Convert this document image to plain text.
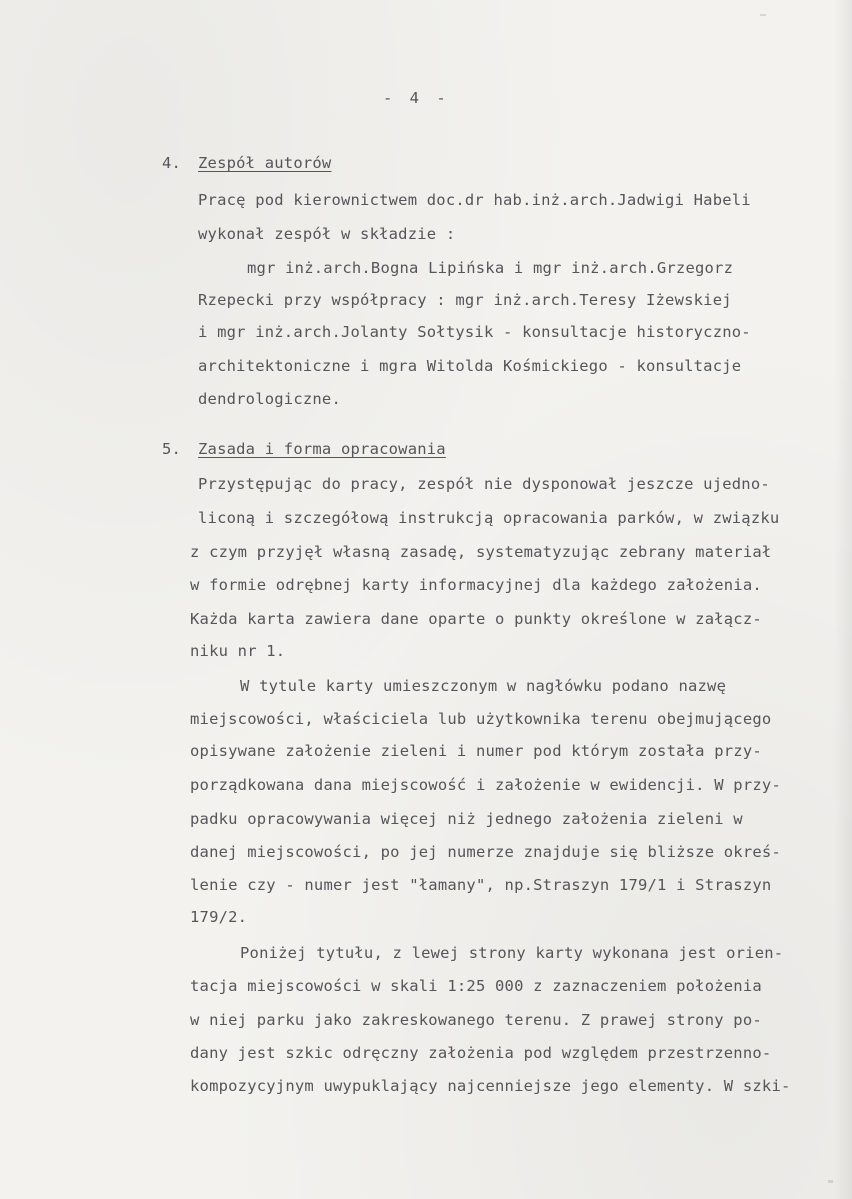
- 4 -
4. Zespół autorów
Pracę pod kierownictwem doc.dr hab.inż.arch.Jadwigi Habeli
wykonał zespół w składzie :
mgr inż.arch.Bogna Lipińska i mgr inż.arch.Grzegorz
Rzepecki przy współpracy : mgr inż.arch.Teresy Iżewskiej
i mgr inż.arch.Jolanty Sołtysik - konsultacje historyczno-
architektoniczne i mgra Witolda Kośmickiego - konsultacje
dendrologiczne.
5. Zasada i forma opracowania
Przystępując do pracy, zespół nie dysponował jeszcze ujedno-
liconą i szczegółową instrukcją opracowania parków, w związku
z czym przyjęł własną zasadę, systematyzując zebrany materiał
w formie odrębnej karty informacyjnej dla każdego założenia.
Każda karta zawiera dane oparte o punkty określone w załącz-
niku nr 1.
W tytule karty umieszczonym w nagłówku podano nazwę
miejscowości, właściciela lub użytkownika terenu obejmującego
opisywane założenie zieleni i numer pod którym została przy-
porządkowana dana miejscowość i założenie w ewidencji. W przy-
padku opracowywania więcej niż jednego założenia zieleni w
danej miejscowości, po jej numerze znajduje się bliższe okreś-
lenie czy - numer jest "łamany", np.Straszyn 179/1 i Straszyn
179/2.
Poniżej tytułu, z lewej strony karty wykonana jest orien-
tacja miejscowości w skali 1:25 000 z zaznaczeniem położenia
w niej parku jako zakreskowanego terenu. Z prawej strony po-
dany jest szkic odręczny założenia pod względem przestrzenno-
kompozycyjnym uwypuklający najcenniejsze jego elementy. W szki-
